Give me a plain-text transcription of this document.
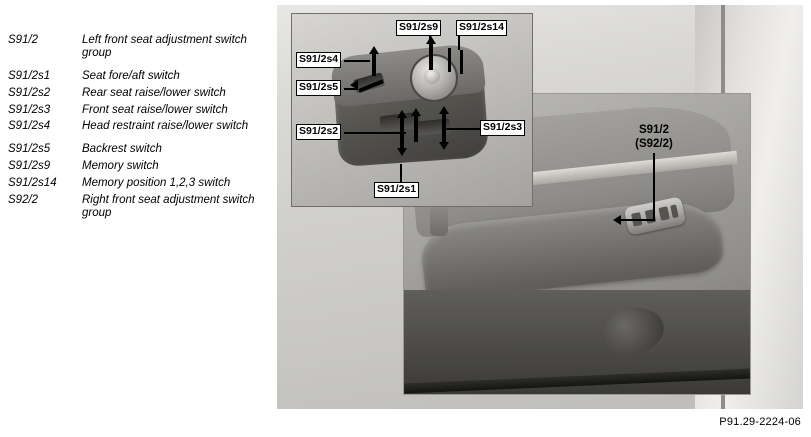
S91/2	Left front seat adjustment switch group
S91/2s1	Seat fore/aft switch
S91/2s2	Rear seat raise/lower switch
S91/2s3	Front seat raise/lower switch
S91/2s4	Head restraint raise/lower switch
S91/2s5	Backrest switch
S91/2s9	Memory switch
S91/2s14	Memory position 1,2,3 switch
S92/2	Right front seat adjustment switch group
S91/2
(S92/2)
S91/2s4
S91/2s5
S91/2s2
S91/2s1
S91/2s3
S91/2s9 S91/2s14
P91.29-2224-06
